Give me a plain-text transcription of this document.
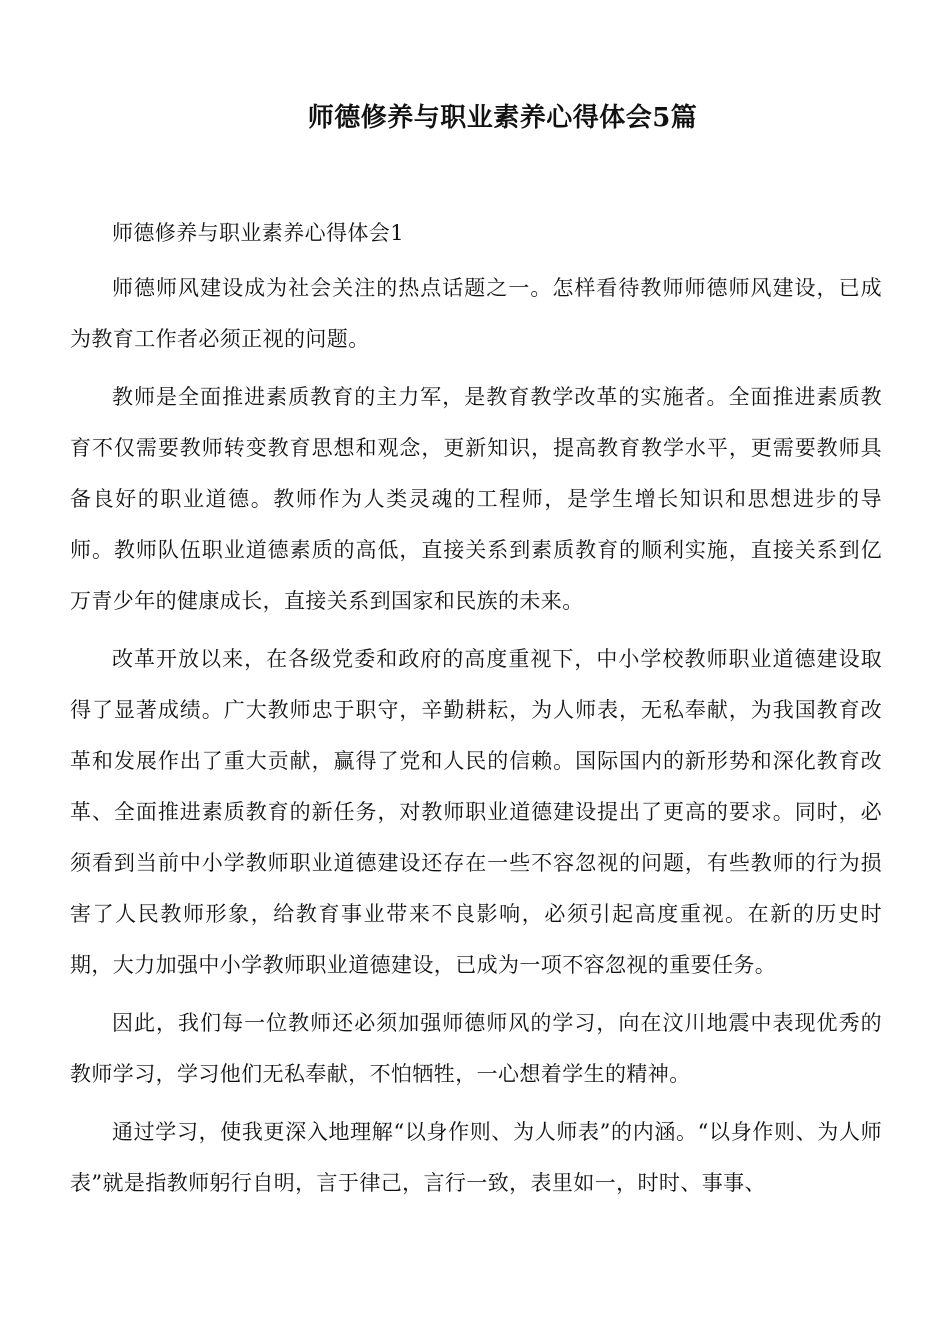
师德修养与职业素养心得体会5篇

师德修养与职业素养心得体会1

师德师风建设成为社会关注的热点话题之一。怎样看待教师师德师风建设，已成为教育工作者必须正视的问题。

教师是全面推进素质教育的主力军，是教育教学改革的实施者。全面推进素质教育不仅需要教师转变教育思想和观念，更新知识，提高教育教学水平，更需要教师具备良好的职业道德。教师作为人类灵魂的工程师，是学生增长知识和思想进步的导师。教师队伍职业道德素质的高低，直接关系到素质教育的顺利实施，直接关系到亿万青少年的健康成长，直接关系到国家和民族的未来。

改革开放以来，在各级党委和政府的高度重视下，中小学校教师职业道德建设取得了显著成绩。广大教师忠于职守，辛勤耕耘，为人师表，无私奉献，为我国教育改革和发展作出了重大贡献，赢得了党和人民的信赖。国际国内的新形势和深化教育改革、全面推进素质教育的新任务，对教师职业道德建设提出了更高的要求。同时，必须看到当前中小学教师职业道德建设还存在一些不容忽视的问题，有些教师的行为损害了人民教师形象，给教育事业带来不良影响，必须引起高度重视。在新的历史时期，大力加强中小学教师职业道德建设，已成为一项不容忽视的重要任务。

因此，我们每一位教师还必须加强师德师风的学习，向在汶川地震中表现优秀的教师学习，学习他们无私奉献，不怕牺牲，一心想着学生的精神。

通过学习，使我更深入地理解“以身作则、为人师表”的内涵。“以身作则、为人师表”就是指教师躬行自明，言于律己，言行一致，表里如一，时时、事事、
